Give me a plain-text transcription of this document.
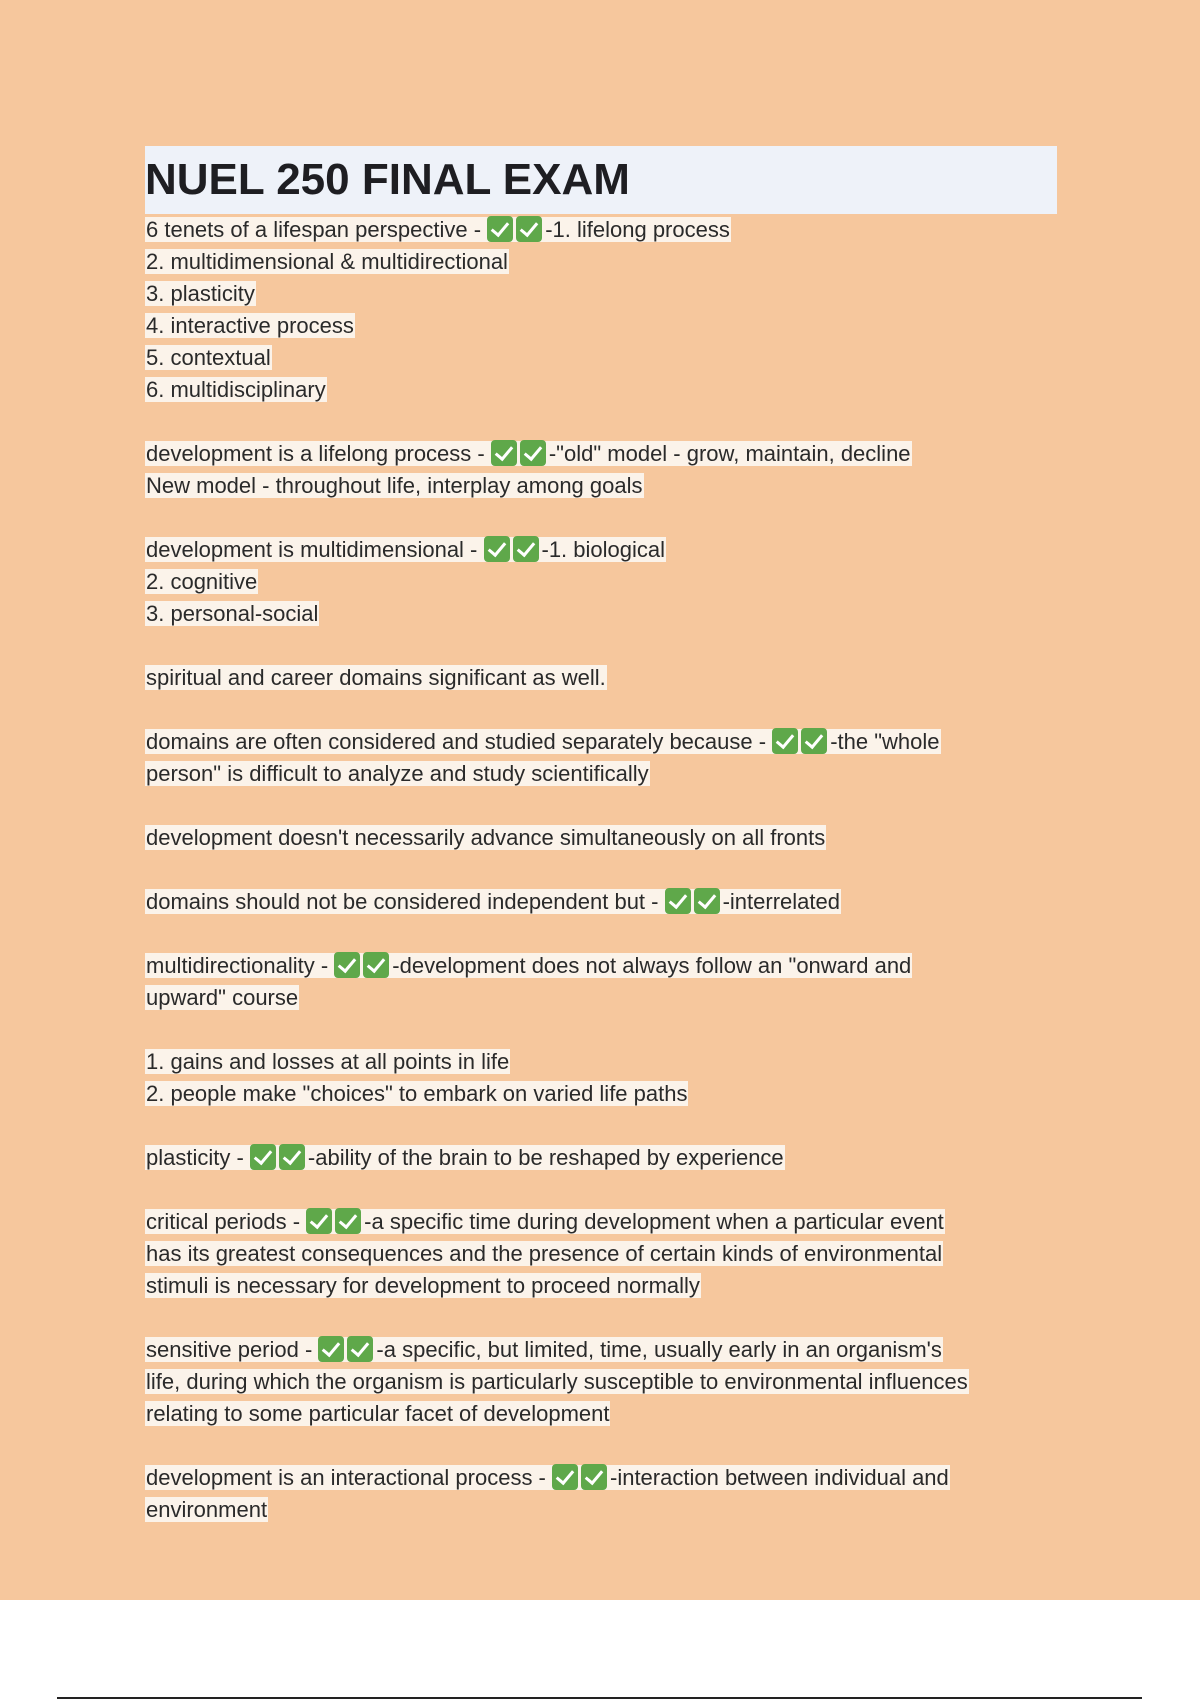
NUEL 250 FINAL EXAM
6 tenets of a lifespan perspective -	-1. lifelong process
2. multidimensional & multidirectional
3. plasticity
4. interactive process
5. contextual
6. multidisciplinary
development is a lifelong process -	-"old" model - grow, maintain, decline
New model - throughout life, interplay among goals
development is multidimensional -	-1. biological
2. cognitive
3. personal-social
spiritual and career domains significant as well.
domains are often considered and studied separately because -	-the "whole
person" is difficult to analyze and study scientifically
development doesn't necessarily advance simultaneously on all fronts
domains should not be considered independent but -	-interrelated
multidirectionality -	-development does not always follow an "onward and
upward" course
1. gains and losses at all points in life
2. people make "choices" to embark on varied life paths
plasticity -	-ability of the brain to be reshaped by experience
critical periods -	-a specific time during development when a particular event
has its greatest consequences and the presence of certain kinds of environmental
stimuli is necessary for development to proceed normally
sensitive period -	-a specific, but limited, time, usually early in an organism's
life, during which the organism is particularly susceptible to environmental influences
relating to some particular facet of development
development is an interactional process -	-interaction between individual and
environment
